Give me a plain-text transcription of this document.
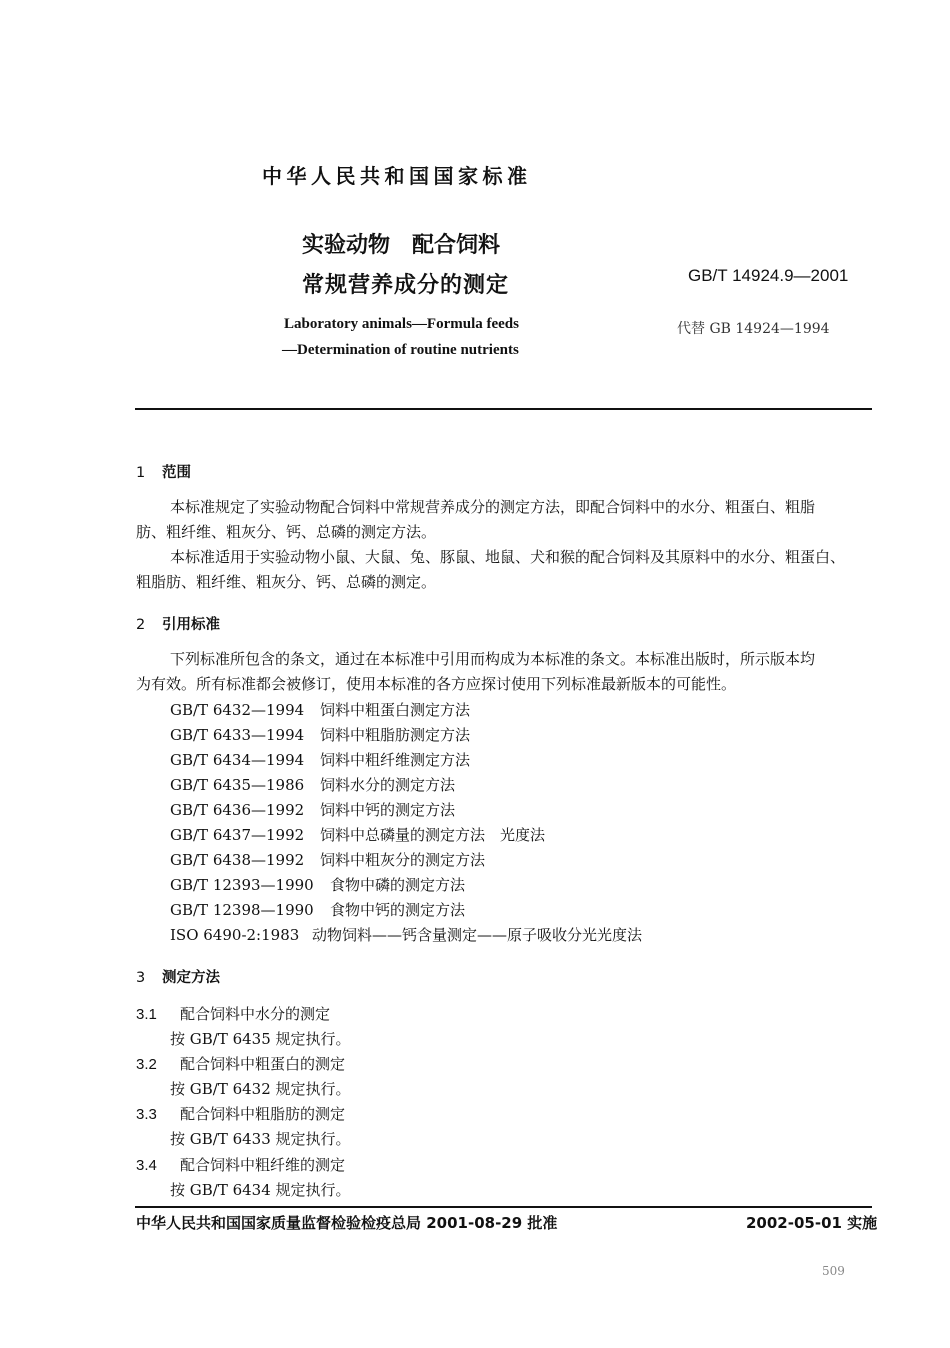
中华人民共和国国家标准
实验动物　配合饲料
常规营养成分的测定	GB/T 14924.9—2001
Laboratory animals—Formula feeds
—Determination of routine nutrients
代替 GB 14924—1994
1 范围
本标准规定了实验动物配合饲料中常规营养成分的测定方法，即配合饲料中的水分、粗蛋白、粗脂
肪、粗纤维、粗灰分、钙、总磷的测定方法。
本标准适用于实验动物小鼠、大鼠、兔、豚鼠、地鼠、犬和猴的配合饲料及其原料中的水分、粗蛋白、
粗脂肪、粗纤维、粗灰分、钙、总磷的测定。
2 引用标准
下列标准所包含的条文，通过在本标准中引用而构成为本标准的条文。本标准出版时，所示版本均
为有效。所有标准都会被修订，使用本标准的各方应探讨使用下列标准最新版本的可能性。
GB/T 6432—1994 饲料中粗蛋白测定方法
GB/T 6433—1994 饲料中粗脂肪测定方法
GB/T 6434—1994 饲料中粗纤维测定方法
GB/T 6435—1986 饲料水分的测定方法
GB/T 6436—1992 饲料中钙的测定方法
GB/T 6437—1992 饲料中总磷量的测定方法　光度法
GB/T 6438—1992 饲料中粗灰分的测定方法
GB/T 12393—1990 食物中磷的测定方法
GB/T 12398—1990 食物中钙的测定方法
ISO 6490-2:1983 动物饲料——钙含量测定——原子吸收分光光度法
3 测定方法
3.1 配合饲料中水分的测定
按 GB/T 6435 规定执行。
3.2 配合饲料中粗蛋白的测定
按 GB/T 6432 规定执行。
3.3 配合饲料中粗脂肪的测定
按 GB/T 6433 规定执行。
3.4 配合饲料中粗纤维的测定
按 GB/T 6434 规定执行。
中华人民共和国国家质量监督检验检疫总局 2001-08-29 批准	2002-05-01 实施
509
